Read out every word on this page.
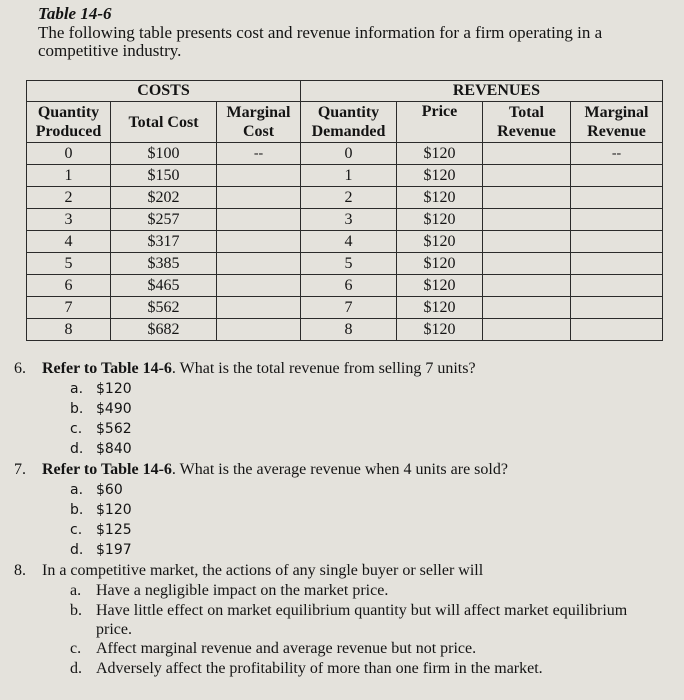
Table 14-6
The following table presents cost and revenue information for a firm operating in a competitive industry.
COSTS			REVENUES			
Quantity Produced	Total Cost	Marginal Cost	Quantity Demanded	Price	Total Revenue	Marginal Revenue
0	$100	--	0	$120		--
1	$150		1	$120		
2	$202		2	$120		
3	$257		3	$120		
4	$317		4	$120		
5	$385		5	$120		
6	$465		6	$120		
7	$562		7	$120		
8	$682		8	$120		
6.	Refer to Table 14-6. What is the total revenue from selling 7 units?
a. $120
b. $490
c. $562
d. $840
7.	Refer to Table 14-6. What is the average revenue when 4 units are sold?
a. $60
b. $120
c. $125
d. $197
8.	In a competitive market, the actions of any single buyer or seller will
a. Have a negligible impact on the market price.
b. Have little effect on market equilibrium quantity but will affect market equilibrium price.
c. Affect marginal revenue and average revenue but not price.
d. Adversely affect the profitability of more than one firm in the market.
